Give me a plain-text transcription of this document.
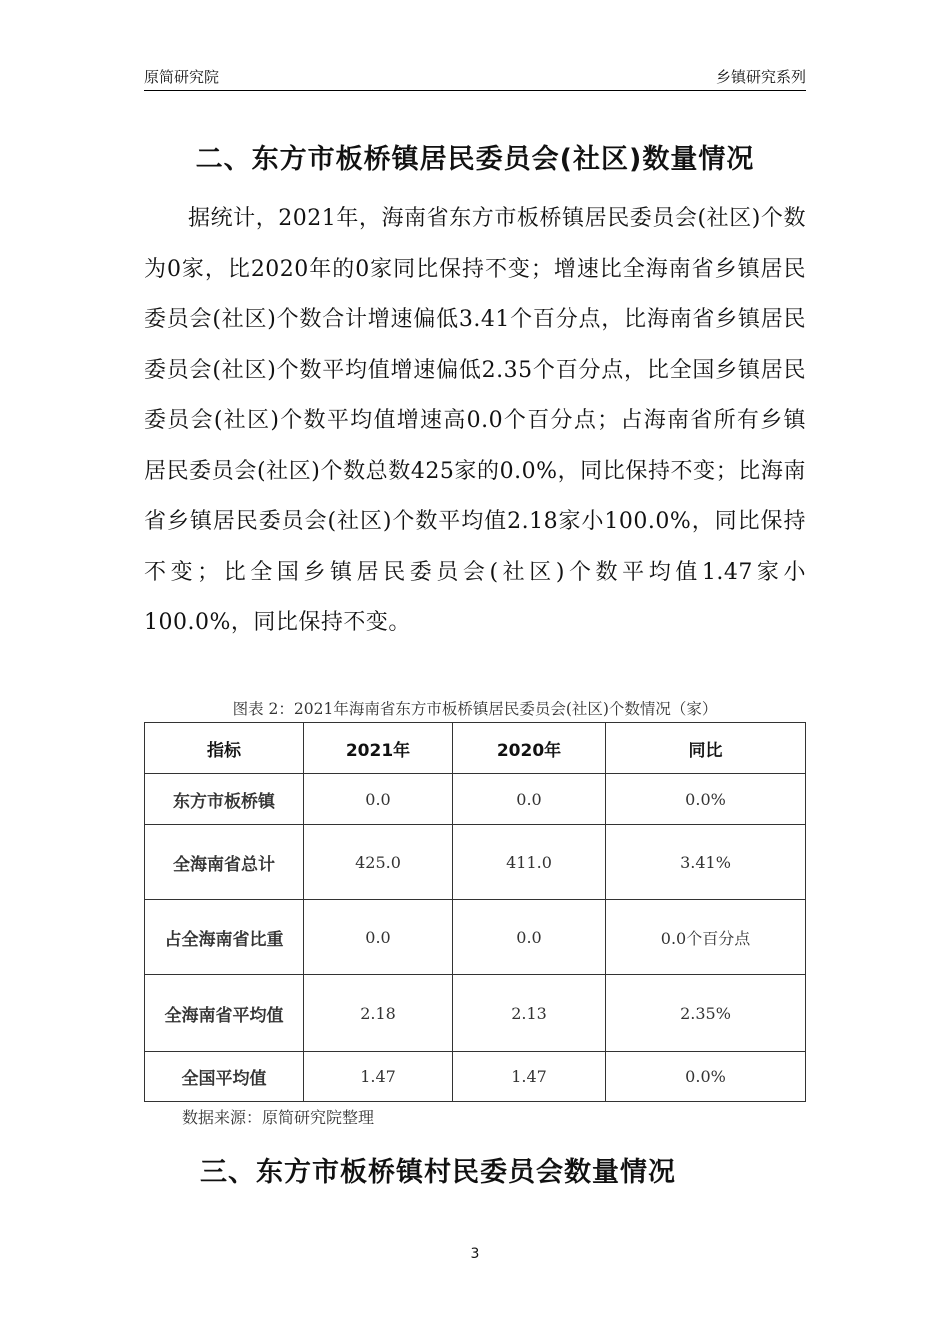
原简研究院	乡镇研究系列
二、东方市板桥镇居民委员会(社区)数量情况
据统计，2021年，海南省东方市板桥镇居民委员会(社区)个数为0家，比2020年的0家同比保持不变；增速比全海南省乡镇居民委员会(社区)个数合计增速偏低3.41个百分点，比海南省乡镇居民委员会(社区)个数平均值增速偏低2.35个百分点，比全国乡镇居民委员会(社区)个数平均值增速高0.0个百分点；占海南省所有乡镇居民委员会(社区)个数总数425家的0.0%，同比保持不变；比海南省乡镇居民委员会(社区)个数平均值2.18家小100.0%，同比保持不变；比全国乡镇居民委员会(社区)个数平均值1.47家小100.0%，同比保持不变。
图表 2：2021年海南省东方市板桥镇居民委员会(社区)个数情况（家）
指标	2021年	2020年	同比
东方市板桥镇	0.0	0.0	0.0%
全海南省总计	425.0	411.0	3.41%
占全海南省比重	0.0	0.0	0.0个百分点
全海南省平均值	2.18	2.13	2.35%
全国平均值	1.47	1.47	0.0%
数据来源：原简研究院整理
三、东方市板桥镇村民委员会数量情况
3
